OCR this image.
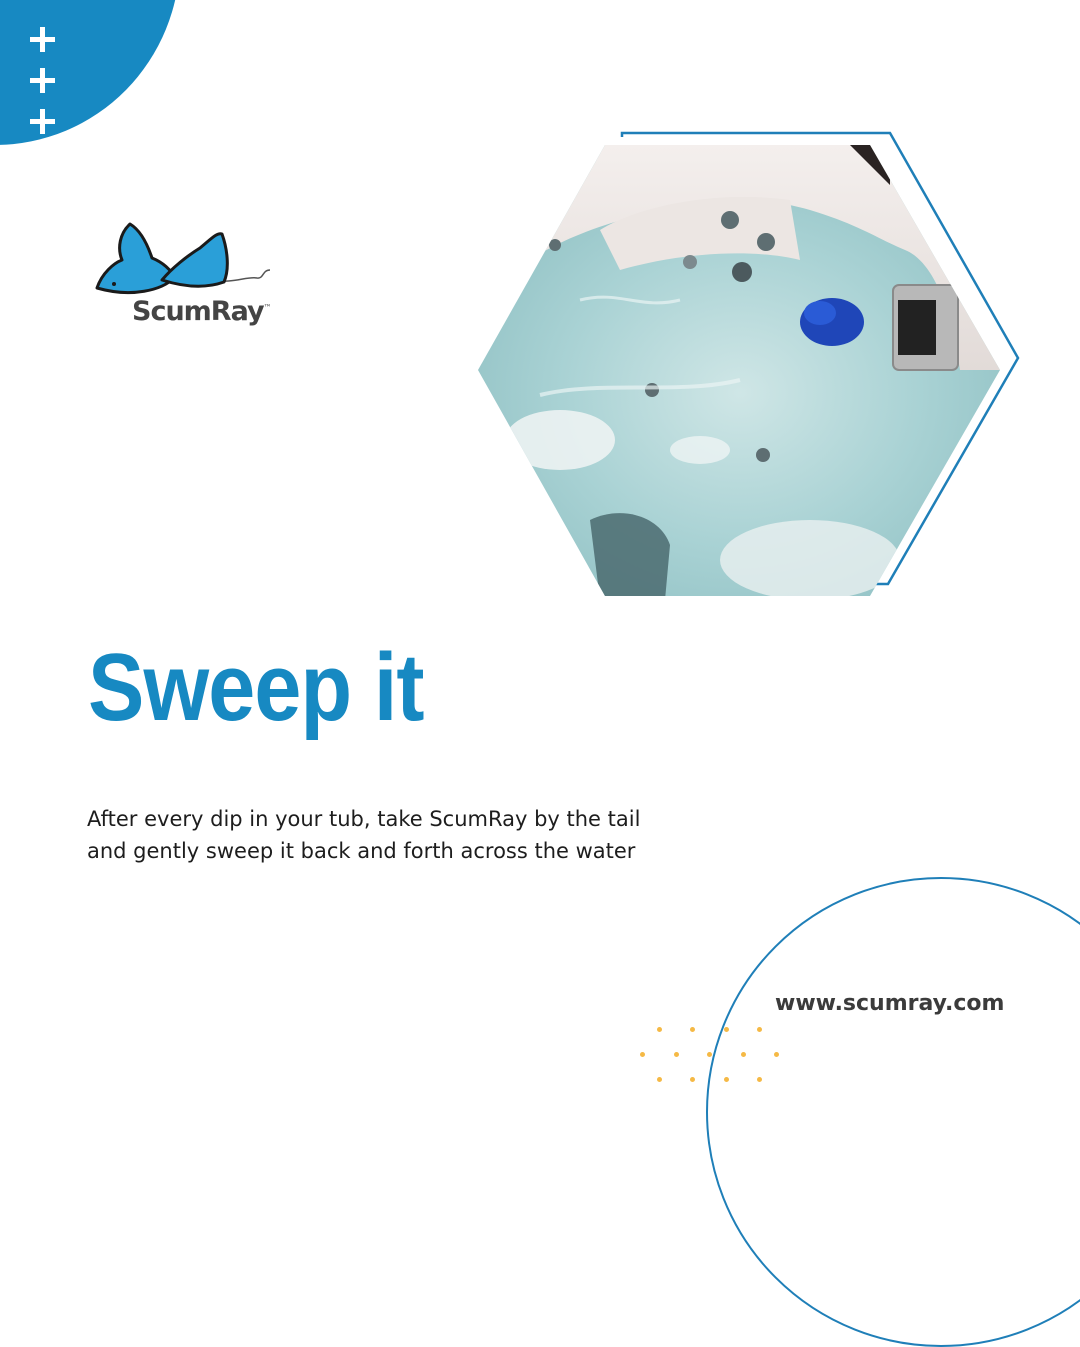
ScumRay™
Sweep it
After every dip in your tub, take ScumRay by the tail and gently sweep it back and forth across the water
www.scumray.com
